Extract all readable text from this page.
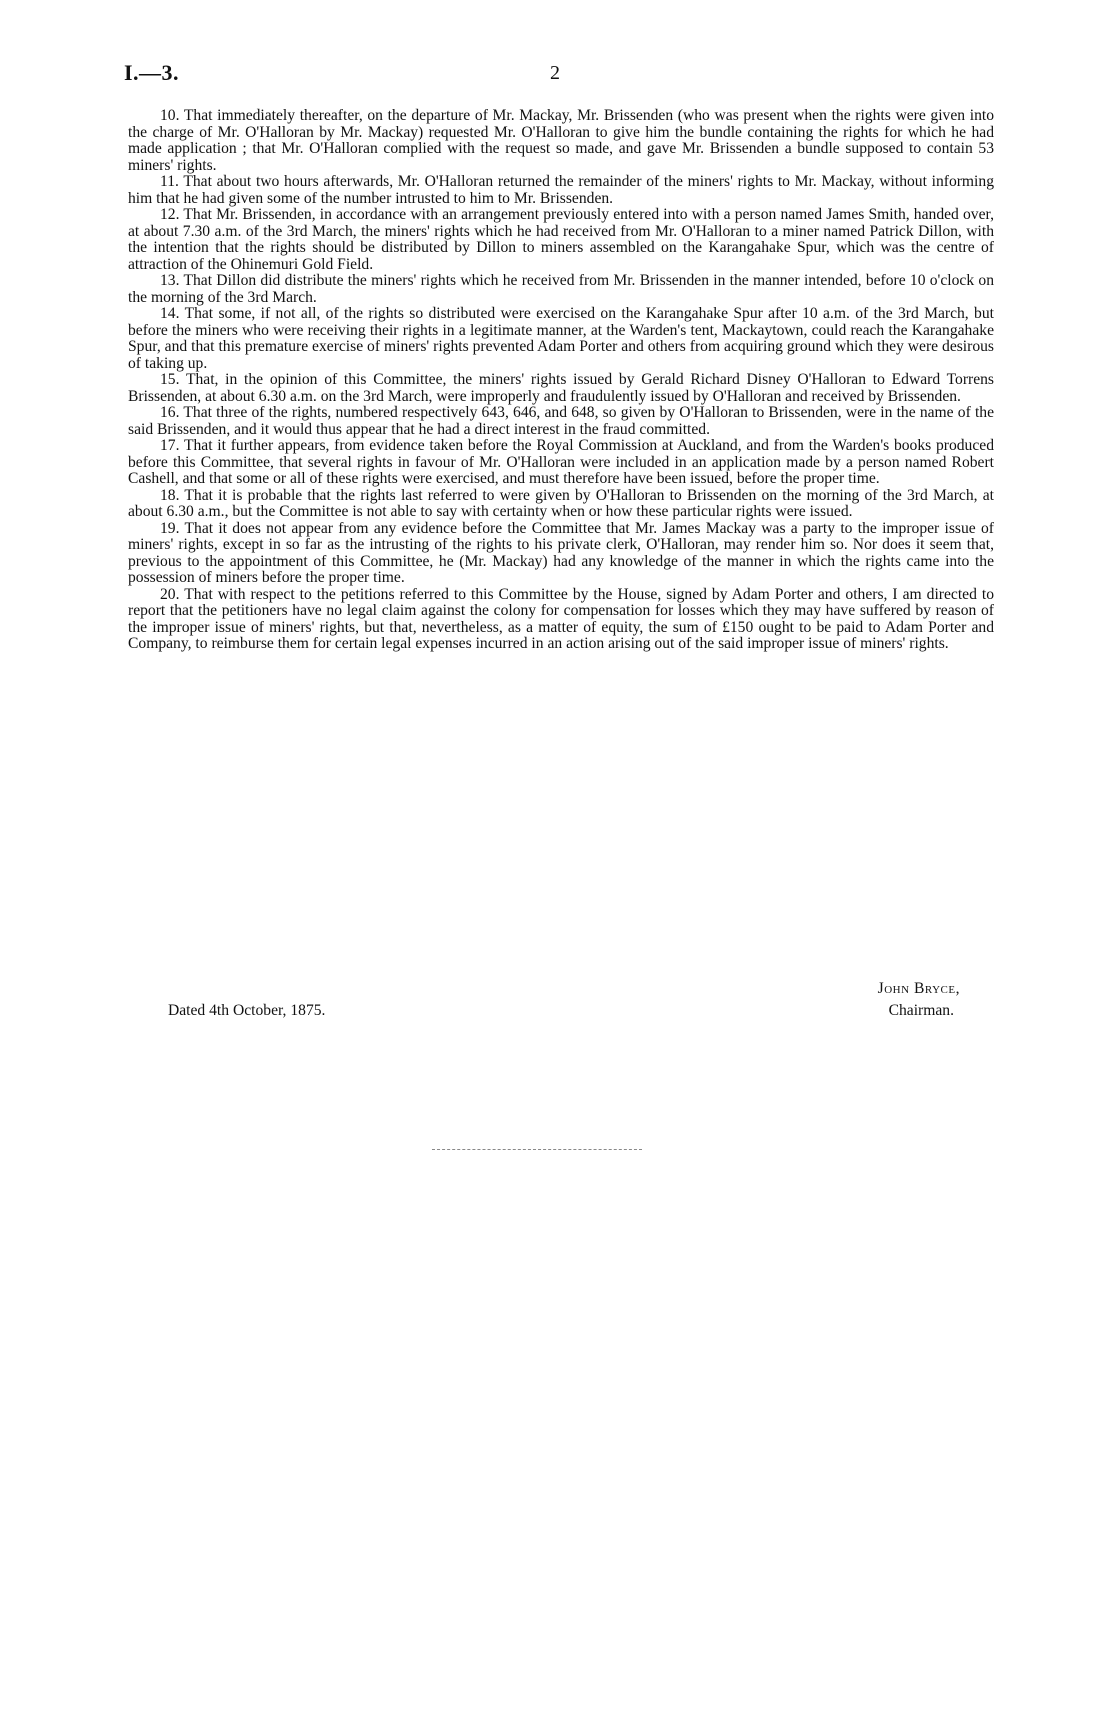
I.—3.	2

10. That immediately thereafter, on the departure of Mr. Mackay, Mr. Brissenden (who was present when the rights were given into the charge of Mr. O'Halloran by Mr. Mackay) requested Mr. O'Halloran to give him the bundle containing the rights for which he had made application ; that Mr. O'Halloran complied with the request so made, and gave Mr. Brissenden a bundle supposed to contain 53 miners' rights.

11. That about two hours afterwards, Mr. O'Halloran returned the remainder of the miners' rights to Mr. Mackay, without informing him that he had given some of the number intrusted to him to Mr. Brissenden.

12. That Mr. Brissenden, in accordance with an arrangement previously entered into with a person named James Smith, handed over, at about 7.30 a.m. of the 3rd March, the miners' rights which he had received from Mr. O'Halloran to a miner named Patrick Dillon, with the intention that the rights should be distributed by Dillon to miners assembled on the Karangahake Spur, which was the centre of attraction of the Ohinemuri Gold Field.

13. That Dillon did distribute the miners' rights which he received from Mr. Brissenden in the manner intended, before 10 o'clock on the morning of the 3rd March.

14. That some, if not all, of the rights so distributed were exercised on the Karangahake Spur after 10 a.m. of the 3rd March, but before the miners who were receiving their rights in a legitimate manner, at the Warden's tent, Mackaytown, could reach the Karangahake Spur, and that this premature exercise of miners' rights prevented Adam Porter and others from acquiring ground which they were desirous of taking up.

15. That, in the opinion of this Committee, the miners' rights issued by Gerald Richard Disney O'Halloran to Edward Torrens Brissenden, at about 6.30 a.m. on the 3rd March, were improperly and fraudulently issued by O'Halloran and received by Brissenden.

16. That three of the rights, numbered respectively 643, 646, and 648, so given by O'Halloran to Brissenden, were in the name of the said Brissenden, and it would thus appear that he had a direct interest in the fraud committed.

17. That it further appears, from evidence taken before the Royal Commission at Auckland, and from the Warden's books produced before this Committee, that several rights in favour of Mr. O'Halloran were included in an application made by a person named Robert Cashell, and that some or all of these rights were exercised, and must therefore have been issued, before the proper time.

18. That it is probable that the rights last referred to were given by O'Halloran to Brissenden on the morning of the 3rd March, at about 6.30 a.m., but the Committee is not able to say with certainty when or how these particular rights were issued.

19. That it does not appear from any evidence before the Committee that Mr. James Mackay was a party to the improper issue of miners' rights, except in so far as the intrusting of the rights to his private clerk, O'Halloran, may render him so. Nor does it seem that, previous to the appointment of this Committee, he (Mr. Mackay) had any knowledge of the manner in which the rights came into the possession of miners before the proper time.

20. That with respect to the petitions referred to this Committee by the House, signed by Adam Porter and others, I am directed to report that the petitioners have no legal claim against the colony for compensation for losses which they may have suffered by reason of the improper issue of miners' rights, but that, nevertheless, as a matter of equity, the sum of £150 ought to be paid to Adam Porter and Company, to reimburse them for certain legal expenses incurred in an action arising out of the said improper issue of miners' rights.

Dated 4th October, 1875.
John Bryce,
Chairman.
